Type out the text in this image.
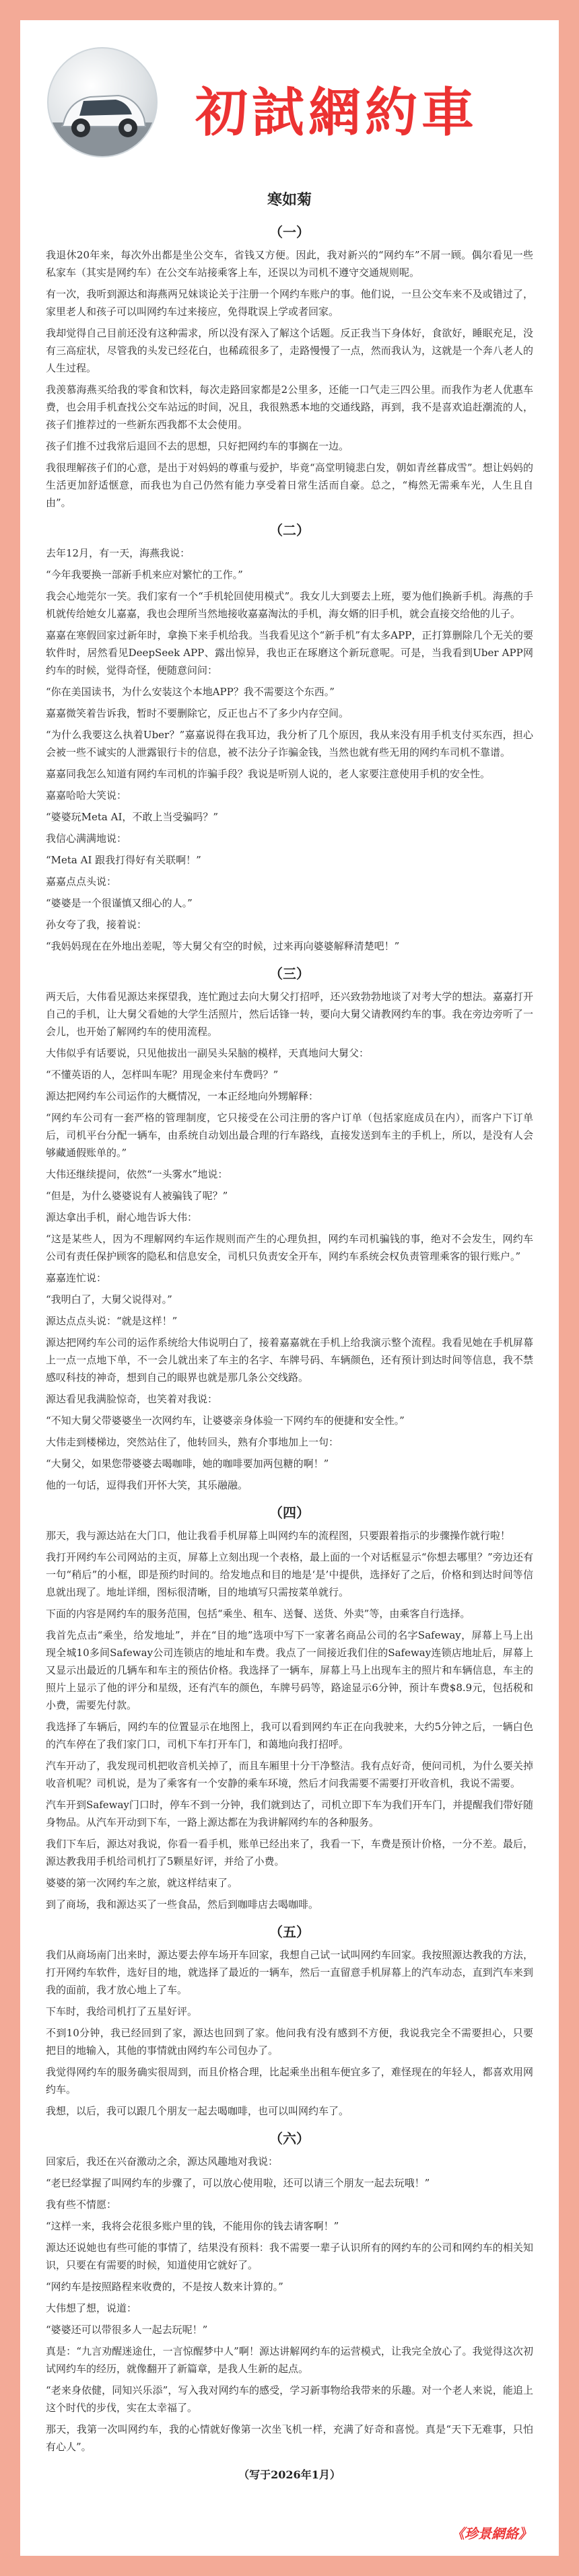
初試網約車
寒如菊
（一）

我退休20年来，每次外出都是坐公交车，省钱又方便。因此，我对新兴的“网约车”不屑一顾。偶尔看见一些私家车（其实是网约车）在公交车站接乘客上车，还误以为司机不遵守交通规则呢。

有一次，我听到源达和海燕两兄妹谈论关于注册一个网约车账户的事。他们说，一旦公交车来不及或错过了，家里老人和孩子可以叫网约车过来接应，免得耽误上学或者回家。

我却觉得自己目前还没有这种需求，所以没有深入了解这个话题。反正我当下身体好，食欲好，睡眠充足，没有三高症状，尽管我的头发已经花白，也稀疏很多了，走路慢慢了一点，然而我认为，这就是一个奔八老人的人生过程。

我羡慕海燕买给我的零食和饮料，每次走路回家都是2公里多，还能一口气走三四公里。而我作为老人优惠车费，也会用手机查找公交车站远的时间，况且，我很熟悉本地的交通线路，再到，我不是喜欢追赶潮流的人，孩子们推荐过的一些新东西我都不太会使用。

孩子们推不过我常后退回不去的思想，只好把网约车的事搁在一边。

我很理解孩子们的心意，是出于对妈妈的尊重与爱护，毕竟“高堂明镜悲白发，朝如青丝暮成雪”。想让妈妈的生活更加舒适惬意，而我也为自己仍然有能力享受着日常生活而自豪。总之，“梅然无需乘车光，人生且自由”。

（二）

去年12月，有一天，海燕我说：

“今年我要换一部新手机来应对繁忙的工作。”

我会心地莞尔一笑。我们家有一个“手机轮回使用模式”。我女儿大到要去上班，要为他们换新手机。海燕的手机就传给她女儿嘉嘉，我也会理所当然地接收嘉嘉淘汰的手机，海女婿的旧手机，就会直接交给他的儿子。

嘉嘉在寒假回家过新年时，拿换下来手机给我。当我看见这个“新手机”有太多APP，正打算删除几个无关的要软件时，居然看见DeepSeek APP、露出惊异，我也正在琢磨这个新玩意呢。可是，当我看到Uber APP网约车的时候，觉得奇怪，便随意问问：

“你在美国读书，为什么安装这个本地APP？我不需要这个东西。”

嘉嘉微笑着告诉我，暂时不要删除它，反正也占不了多少内存空间。

“为什么我要这么执着Uber？”嘉嘉说得在我耳边，我分析了几个原因，我从来没有用手机支付买东西，担心会被一些不诚实的人泄露银行卡的信息，被不法分子诈骗金钱，当然也就有些无用的网约车司机不靠谱。

嘉嘉同我怎么知道有网约车司机的诈骗手段？我说是听别人说的，老人家要注意使用手机的安全性。

嘉嘉哈哈大笑说：

“婆婆玩Meta AI，不敢上当受骗吗？”

我信心满满地说：

“Meta AI 跟我打得好有关联啊！”

嘉嘉点点头说：

“婆婆是一个很谨慎又细心的人。”

孙女夸了我，接着说：

“我妈妈现在在外地出差呢，等大舅父有空的时候，过来再向婆婆解释清楚吧！”

（三）

两天后，大伟看见源达来探望我，连忙跑过去向大舅父打招呼，还兴致勃勃地谈了对考大学的想法。嘉嘉打开自己的手机，让大舅父看她的大学生活照片，然后话锋一转，要向大舅父请教网约车的事。我在旁边旁听了一会儿，也开始了解网约车的使用流程。

大伟似乎有话要说，只见他拔出一副吴头呆脑的模样，天真地问大舅父：

“不懂英语的人，怎样叫车呢？用现金来付车费吗？”

源达把网约车公司运作的大概情况，一本正经地向外甥解释：

“网约车公司有一套严格的管理制度，它只接受在公司注册的客户订单（包括家庭成员在内），而客户下订单后，司机平台分配一辆车，由系统自动划出最合理的行车路线，直接发送到车主的手机上，所以，是没有人会够藏通假账单的。”

大伟还继续提问，依然“一头雾水”地说：

“但是，为什么婆婆说有人被骗钱了呢？”

源达拿出手机，耐心地告诉大伟：

“这是某些人，因为不理解网约车运作规则而产生的心理负担，网约车司机骗钱的事，绝对不会发生，网约车公司有责任保护顾客的隐私和信息安全，司机只负责安全开车，网约车系统会权负责管理乘客的银行账户。”

嘉嘉连忙说：

“我明白了，大舅父说得对。”

源达点点头说：“就是这样！”

源达把网约车公司的运作系统给大伟说明白了，接着嘉嘉就在手机上给我演示整个流程。我看见她在手机屏幕上一点一点地下单，不一会儿就出来了车主的名字、车牌号码、车辆颜色，还有预计到达时间等信息，我不禁感叹科技的神奇，想到自己的眼界也就是那几条公交线路。

源达看见我满脸惊奇，也笑着对我说：

“不知大舅父带婆婆坐一次网约车，让婆婆亲身体验一下网约车的便捷和安全性。”

大伟走到楼梯边，突然站住了，他转回头，熟有介事地加上一句：

“大舅父，如果您带婆婆去喝咖啡，她的咖啡要加两包糖的啊！”

他的一句话，逗得我们开怀大笑，其乐融融。

（四）

那天，我与源达站在大门口，他让我看手机屏幕上叫网约车的流程图，只要跟着指示的步骤操作就行啦！

我打开网约车公司网站的主页，屏幕上立刻出现一个表格，最上面的一个对话框显示“你想去哪里？”旁边还有一句“稍后”的小框，即是预约时间的。给发地点和目的地是‘是’中提供，选择好了之后，价格和到达时间等信息就出现了。地址详细，图标很清晰，目的地填写只需按菜单就行。

下面的内容是网约车的服务范围，包括“乘坐、租车、送餐、送货、外卖”等，由乘客自行选择。

我首先点击“乘坐，给发地址”，并在“目的地”选项中写下一家著名商品公司的名字Safeway，屏幕上马上出现全城10多间Safeway公司连锁店的地址和车费。我点了一间接近我们住的Safeway连锁店地址后，屏幕上又显示出最近的几辆车和车主的预估价格。我选择了一辆车，屏幕上马上出现车主的照片和车辆信息，车主的照片上显示了他的评分和星级，还有汽车的颜色，车牌号码等，路途显示6分钟，预计车费$8.9元，包括税和小费，需要先付款。

我选择了车辆后，网约车的位置显示在地图上，我可以看到网约车正在向我驶来，大约5分钟之后，一辆白色的汽车停在了我们家门口，司机下车打开车门，和蔼地向我打招呼。

汽车开动了，我发现司机把收音机关掉了，而且车厢里十分干净整洁。我有点好奇，便问司机，为什么要关掉收音机呢？司机说，是为了乘客有一个安静的乘车环境，然后才问我需要不需要打开收音机，我说不需要。

汽车开到Safeway门口时，停车不到一分钟，我们就到达了，司机立即下车为我们开车门，并提醒我们带好随身物品。从汽车开动到下车，一路上源达都在为我讲解网约车的各种服务。

我们下车后，源达对我说，你看一看手机，账单已经出来了，我看一下，车费是预计价格，一分不差。最后，源达教我用手机给司机打了5颗星好评，并给了小费。

婆婆的第一次网约车之旅，就这样结束了。

到了商场，我和源达买了一些食品，然后到咖啡店去喝咖啡。

（五）

我们从商场南门出来时，源达要去停车场开车回家，我想自己试一试叫网约车回家。我按照源达教我的方法，打开网约车软件，选好目的地，就选择了最近的一辆车，然后一直留意手机屏幕上的汽车动态，直到汽车来到我的面前，我才放心地上了车。

下车时，我给司机打了五星好评。

不到10分钟，我已经回到了家，源达也回到了家。他问我有没有感到不方便，我说我完全不需要担心，只要把目的地输入，其他的事情就由网约车公司包办了。

我觉得网约车的服务确实很周到，而且价格合理，比起乘坐出租车便宜多了，难怪现在的年轻人，都喜欢用网约车。

我想，以后，我可以跟几个朋友一起去喝咖啡，也可以叫网约车了。

（六）

回家后，我还在兴奋激动之余，源达风趣地对我说：

“老巳经掌握了叫网约车的步骤了，可以放心使用啦，还可以请三个朋友一起去玩哦！”

我有些不情愿：

“这样一来，我将会花很多账户里的钱，不能用你的钱去请客啊！”

源达还说她也有些可能的事情了，结果没有预料：我不需要一辈子认识所有的网约车的公司和网约车的相关知识，只要在有需要的时候，知道使用它就好了。

“网约车是按照路程来收费的，不是按人数来计算的。”

大伟想了想，说道：

“婆婆还可以带很多人一起去玩呢！”

真是：“九言劝醒迷途仕，一言惊醒梦中人”啊！源达讲解网约车的运营模式，让我完全放心了。我觉得这次初试网约车的经历，就像翻开了新篇章，是我人生新的起点。

“老来身依健，同知兴乐添”，写入我对网约车的感受，学习新事物给我带来的乐趣。对一个老人来说，能追上这个时代的步伐，实在太幸福了。

那天，我第一次叫网约车，我的心情就好像第一次坐飞机一样，充满了好奇和喜悦。真是“天下无难事，只怕有心人”。

（写于2026年1月）
《珍景網絡》
